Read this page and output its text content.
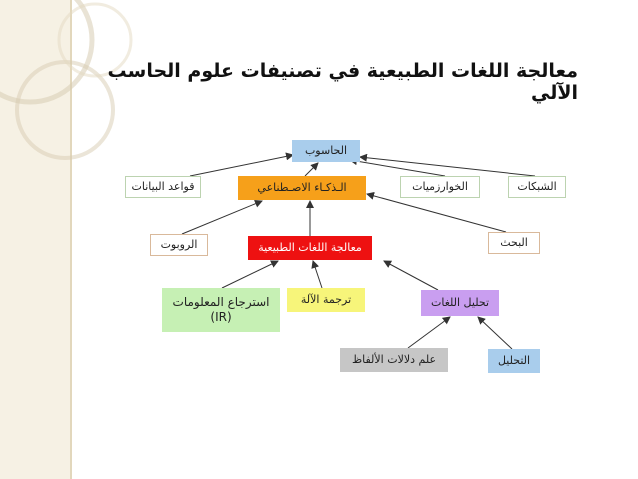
معالجة اللغات الطبيعية في تصنيفات علوم الحاسب الآلي
الحاسوب
الـذكـاء الاصـطناعي
قواعد البيانات	الخوارزميات	الشبكات
الروبوت	معالجة اللغات الطبيعية	البحث
استرجاع المعلومات
(IR)
ترجمة الآلة	تحليل اللغات
علم دلالات الألفاظ	التحليل
